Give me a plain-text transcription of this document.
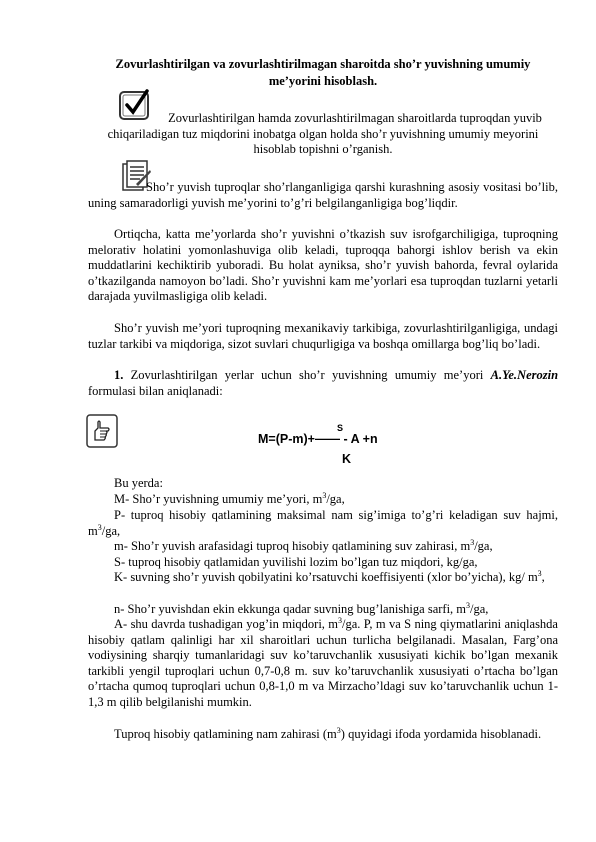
Zovurlashtirilgan va zovurlashtirilmagan sharoitda sho’r yuvishning umumiy me’yorini hisoblash.
Zovurlashtirilgan hamda zovurlashtirilmagan sharoitlarda tuproqdan yuvib chiqariladigan tuz miqdorini inobatga olgan holda sho’r yuvishning umumiy meyorini hisoblab topishni o’rganish.
Sho’r yuvish tuproqlar sho’rlanganligiga qarshi kurashning asosiy vositasi bo’lib, uning samaradorligi yuvish me’yorini to’g’ri belgilanganligiga bog’liqdir.
Ortiqcha, katta me’yorlarda sho’r yuvishni o’tkazish suv isrofgarchiligiga, tuproqning melorativ holatini yomonlashuviga olib keladi, tuproqqa bahorgi ishlov berish va ekin muddatlarini kechiktirib yuboradi. Bu holat ayniksa, sho’r yuvish bahorda, fevral oylarida o’tkazilganda namoyon bo’ladi. Sho’r yuvishni kam me’yorlari esa tuproqdan tuzlarni yetarli darajada yuvilmasligiga olib keladi.
Sho’r yuvish me’yori tuproqning mexanikaviy tarkibiga, zovurlashtirilganligiga, undagi tuzlar tarkibi va miqdoriga, sizot suvlari chuqurligiga va boshqa omillarga bog’liq bo’ladi.
1. Zovurlashtirilgan yerlar uchun sho’r yuvishning umumiy me’yori A.Ye.Nerozin formulasi bilan aniqlanadi:
M=(P-m)+—— - A +n
S
K
Bu yerda:
M- Sho’r yuvishning umumiy me’yori, $m^3/ga$,
P- tuproq hisobiy qatlamining maksimal nam sig’imiga to’g’ri keladigan suv hajmi, $m^3/ga$,
m- Sho’r yuvish arafasidagi tuproq hisobiy qatlamining suv zahirasi, $m^3/ga$,
S- tuproq hisobiy qatlamidan yuvilishi lozim bo’lgan tuz miqdori, kg/ga,
K- suvning sho’r yuvish qobilyatini ko’rsatuvchi koeffisiyenti (xlor bo’yicha), kg/ $m^3$,
n- Sho’r yuvishdan ekin ekkunga qadar suvning bug’lanishiga sarfi, $m^3/ga$,
A- shu davrda tushadigan yog’in miqdori, $m^3/ga$. P, m va S ning qiymatlarini aniqlashda hisobiy qatlam qalinligi har xil sharoitlari uchun turlicha belgilanadi. Masalan, Farg’ona vodiysining sharqiy tumanlaridagi suv ko’taruvchanlik xususiyati kichik bo’lgan mexanik tarkibli yengil tuproqlari uchun 0,7-0,8 m. suv ko’taruvchanlik xususiyati o’rtacha bo’lgan o’rtacha qumoq tuproqlari uchun 0,8-1,0 m va Mirzacho’ldagi suv ko’taruvchanlik uchun 1-1,3 m qilib belgilanishi mumkin.
Tuproq hisobiy qatlamining nam zahirasi $(m^3)$ quyidagi ifoda yordamida hisoblanadi.
